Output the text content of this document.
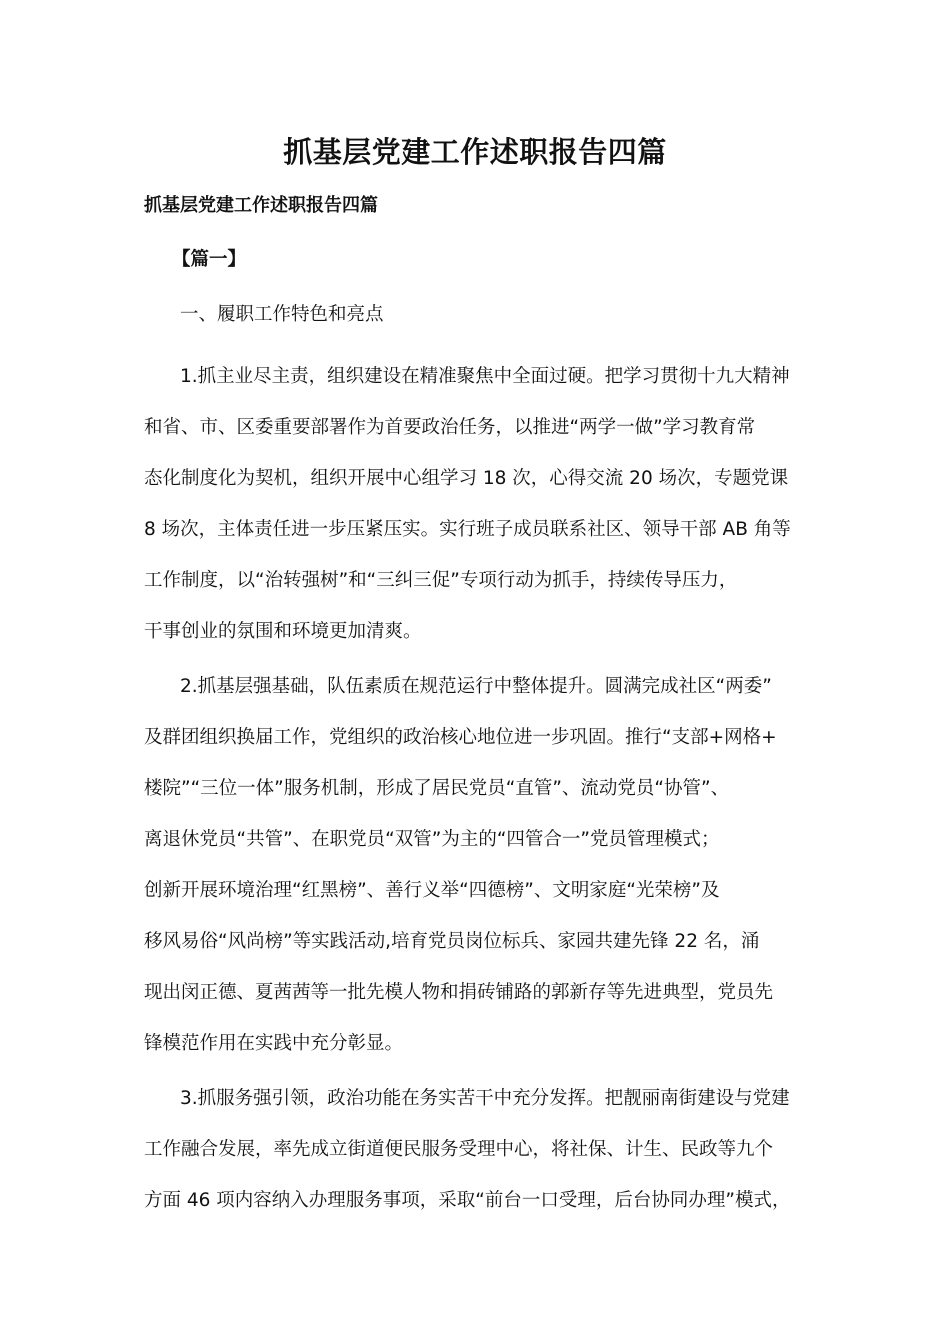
抓基层党建工作述职报告四篇
抓基层党建工作述职报告四篇
【篇一】
一、履职工作特色和亮点
1.抓主业尽主责，组织建设在精准聚焦中全面过硬。把学习贯彻十九大精神
和省、市、区委重要部署作为首要政治任务，以推进“两学一做”学习教育常
态化制度化为契机，组织开展中心组学习 18 次，心得交流 20 场次，专题党课
8 场次，主体责任进一步压紧压实。实行班子成员联系社区、领导干部 AB 角等
工作制度，以“治转强树”和“三纠三促”专项行动为抓手，持续传导压力，
干事创业的氛围和环境更加清爽。
2.抓基层强基础，队伍素质在规范运行中整体提升。圆满完成社区“两委”
及群团组织换届工作，党组织的政治核心地位进一步巩固。推行“支部+网格+
楼院”“三位一体”服务机制，形成了居民党员“直管”、流动党员“协管”、
离退休党员“共管”、在职党员“双管”为主的“四管合一”党员管理模式；
创新开展环境治理“红黑榜”、善行义举“四德榜”、文明家庭“光荣榜”及
移风易俗“风尚榜”等实践活动,培育党员岗位标兵、家园共建先锋 22 名，涌
现出闵正德、夏茜茜等一批先模人物和捐砖铺路的郭新存等先进典型，党员先
锋模范作用在实践中充分彰显。
3.抓服务强引领，政治功能在务实苦干中充分发挥。把靓丽南街建设与党建
工作融合发展，率先成立街道便民服务受理中心，将社保、计生、民政等九个
方面 46 项内容纳入办理服务事项，采取“前台一口受理，后台协同办理”模式，
